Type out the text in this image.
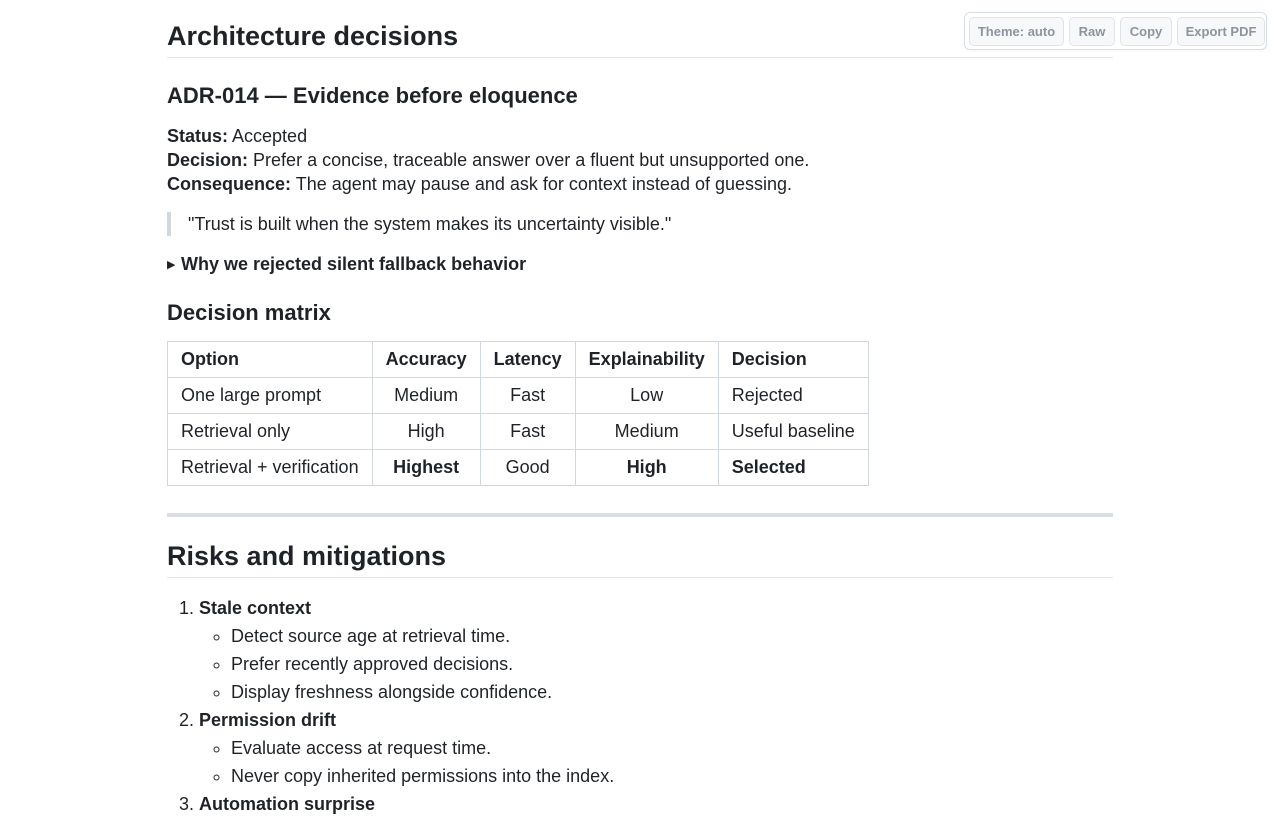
Theme: auto	Raw	Copy	Export PDF
Architecture decisions
ADR-014 — Evidence before eloquence
Status: Accepted
Decision: Prefer a concise, traceable answer over a fluent but unsupported one.
Consequence: The agent may pause and ask for context instead of guessing.
"Trust is built when the system makes its uncertainty visible."
▶ Why we rejected silent fallback behavior
Decision matrix
Option	Accuracy	Latency	Explainability	Decision
One large prompt	Medium	Fast	Low	Rejected
Retrieval only	High	Fast	Medium	Useful baseline
Retrieval + verification	Highest	Good	High	Selected
Risks and mitigations
1. Stale context
◦ Detect source age at retrieval time.
◦ Prefer recently approved decisions.
◦ Display freshness alongside confidence.
2. Permission drift
◦ Evaluate access at request time.
◦ Never copy inherited permissions into the index.
3. Automation surprise
